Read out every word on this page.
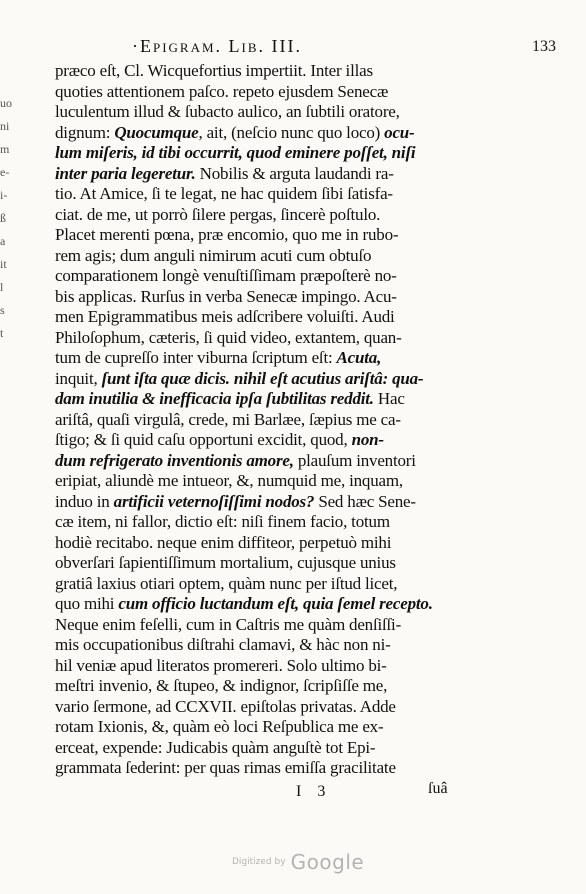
uo
ni
m
e-
i-
ß
a
it
l
s
t
·Epigram. Lib. III.	133
præco eſt, Cl. Wicquefortius impertiit. Inter illas
quoties attentionem paſco. repeto ejusdem Senecæ
luculentum illud & ſubacto aulico, an ſubtili oratore,
dignum: Quocumque, ait, (neſcio nunc quo loco) ocu-
lum miſeris, id tibi occurrit, quod eminere poſſet, niſi
inter paria legeretur. Nobilis & arguta laudandi ra-
tio. At Amice, ſi te legat, ne hac quidem ſibi ſatisfa-
ciat. de me, ut porrò ſilere pergas, ſincerè poſtulo.
Placet merenti pœna, præ encomio, quo me in rubo-
rem agis; dum anguli nimirum acuti cum obtuſo
comparationem longè venuſtiſſimam præpoſterè no-
bis applicas. Rurſus in verba Senecæ impingo. Acu-
men Epigrammatibus meis adſcribere voluiſti. Audi
Philoſophum, cæteris, ſi quid video, extantem, quan-
tum de cupreſſo inter viburna ſcriptum eſt: Acuta,
inquit, ſunt iſta quæ dicis. nihil eſt acutius ariſtâ: qua-
dam inutilia & inefficacia ipſa ſubtilitas reddit. Hac
ariſtâ, quaſi virgulâ, crede, mi Barlæe, ſæpius me ca-
ſtigo; & ſi quid caſu opportuni excidit, quod, non-
dum refrigerato inventionis amore, plauſum inventori
eripiat, aliundè me intueor, &, numquid me, inquam,
induo in artificii veternoſiſſimi nodos? Sed hæc Sene-
cæ item, ni fallor, dictio eſt: niſi finem facio, totum
hodiè recitabo. neque enim diffiteor, perpetuò mihi
obverſari ſapientiſſimum mortalium, cujusque unius
gratiâ laxius otiari optem, quàm nunc per iſtud licet,
quo mihi cum officio luctandum eſt, quia ſemel recepto.
Neque enim feſelli, cum in Caſtris me quàm denſiſſi-
mis occupationibus diſtrahi clamavi, & hàc non ni-
hil veniæ apud literatos promereri. Solo ultimo bi-
meſtri invenio, & ſtupeo, & indignor, ſcripſiſſe me,
vario ſermone, ad CCXVII. epiſtolas privatas. Adde
rotam Ixionis, &, quàm eò loci Reſpublica me ex-
erceat, expende: Judicabis quàm anguſtè tot Epi-
grammata ſederint: per quas rimas emiſſa gracilitate
I 3	ſuâ
Digitized by Google
